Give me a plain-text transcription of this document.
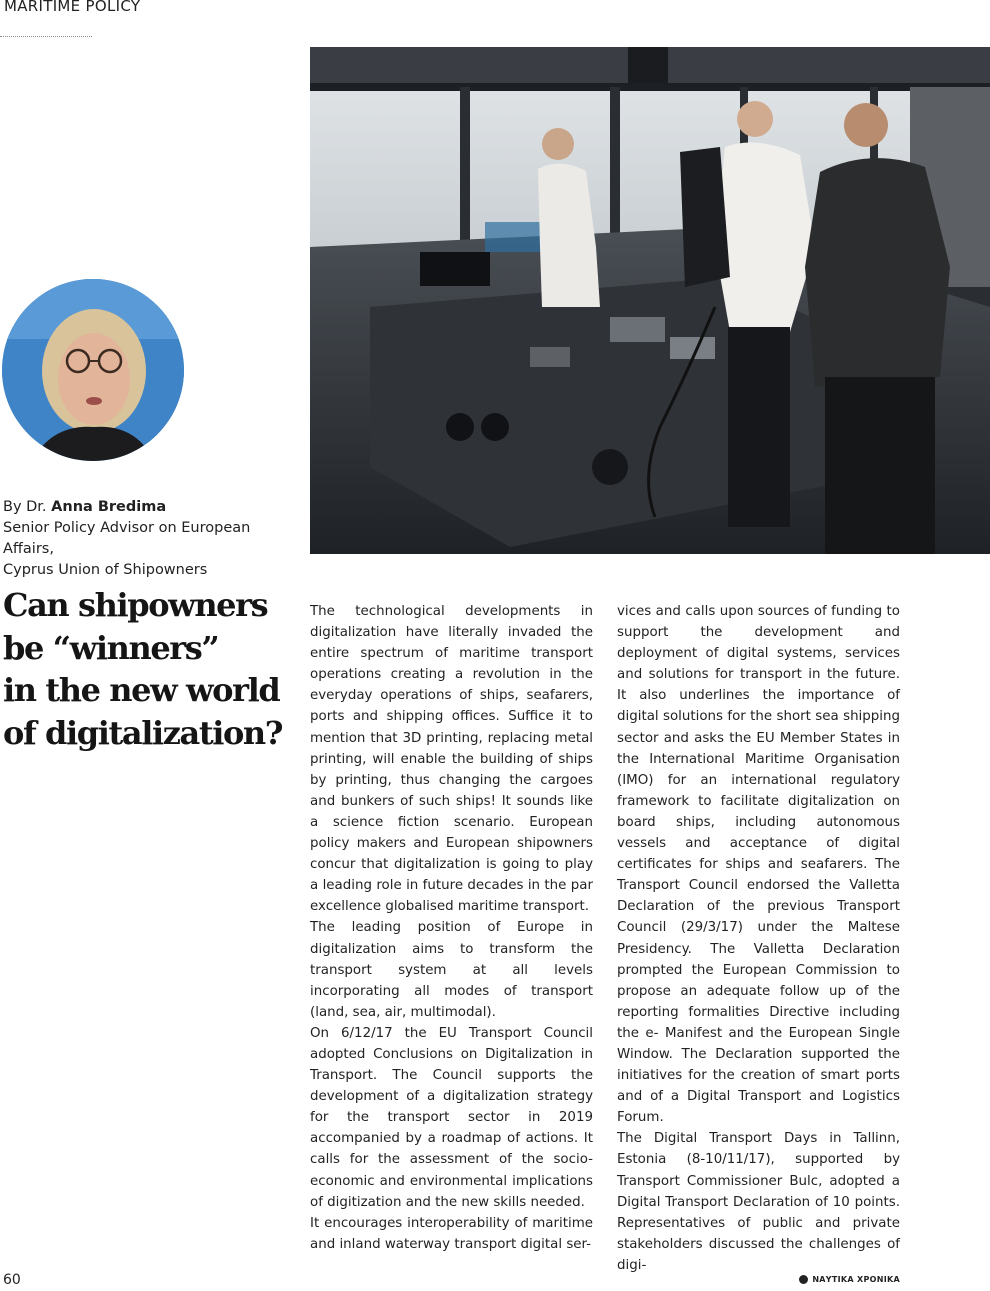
MARITIME POLICY
By Dr. Anna Bredima
Senior Policy Advisor on European Affairs,
Cyprus Union of Shipowners
Can shipowners
be “winners”
in the new world
of digitalization?

The technological developments in digitalization have literally invaded the entire spectrum of maritime transport operations creating a revolution in the everyday operations of ships, seafarers, ports and shipping offices. Suffice it to mention that 3D printing, replacing metal printing, will enable the building of ships by printing, thus changing the cargoes and bunkers of such ships! It sounds like a science fiction scenario. European policy makers and European shipowners concur that digitalization is going to play a leading role in future decades in the par excellence globalised maritime transport.

The leading position of Europe in digitalization aims to transform the transport system at all levels incorporating all modes of transport (land, sea, air, multimodal).

On 6/12/17 the EU Transport Council adopted Conclusions on Digitalization in Transport. The Council supports the development of a digitalization strategy for the transport sector in 2019 accompanied by a roadmap of actions. It calls for the assessment of the socio-economic and environmental implications of digitization and the new skills needed.

It encourages interoperability of maritime and inland waterway transport digital ser-

vices and calls upon sources of funding to support the development and deployment of digital systems, services and solutions for transport in the future. It also underlines the importance of digital solutions for the short sea shipping sector and asks the EU Member States in the International Maritime Organisation (IMO) for an international regulatory framework to facilitate digitalization on board ships, including autonomous vessels and acceptance of digital certificates for ships and seafarers. The Transport Council endorsed the Valletta Declaration of the previous Transport Council (29/3/17) under the Maltese Presidency. The Valletta Declaration prompted the European Commission to propose an adequate follow up of the reporting formalities Directive including the e- Manifest and the European Single Window. The Declaration supported the initiatives for the creation of smart ports and of a Digital Transport and Logistics Forum.

The Digital Transport Days in Tallinn, Estonia (8-10/11/17), supported by Transport Commissioner Bulc, adopted a Digital Transport Declaration of 10 points. Representatives of public and private stakeholders discussed the challenges of digi-

60	ΝΑΥΤΙΚΑ ΧΡΟΝΙΚΑ
